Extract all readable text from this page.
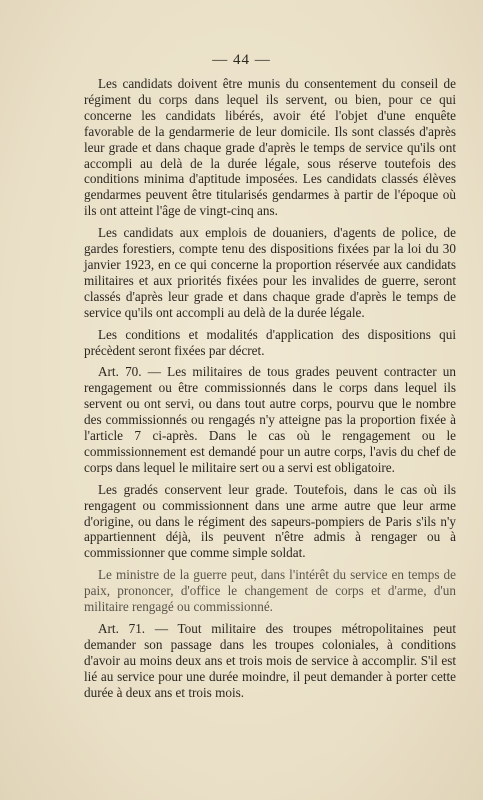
— 44 —

Les candidats doivent être munis du consentement du conseil de régiment du corps dans lequel ils servent, ou bien, pour ce qui concerne les candidats libérés, avoir été l'objet d'une enquête favorable de la gendarmerie de leur domicile. Ils sont classés d'après leur grade et dans chaque grade d'après le temps de service qu'ils ont accompli au delà de la durée légale, sous réserve toutefois des conditions minima d'aptitude imposées. Les candidats classés élèves gendarmes peuvent être titularisés gendarmes à partir de l'époque où ils ont atteint l'âge de vingt-cinq ans.

Les candidats aux emplois de douaniers, d'agents de police, de gardes forestiers, compte tenu des dispositions fixées par la loi du 30 janvier 1923, en ce qui concerne la proportion réservée aux candidats militaires et aux priorités fixées pour les invalides de guerre, seront classés d'après leur grade et dans chaque grade d'après le temps de service qu'ils ont accompli au delà de la durée légale.

Les conditions et modalités d'application des dispositions qui précèdent seront fixées par décret.

Art. 70. — Les militaires de tous grades peuvent contracter un rengagement ou être commissionnés dans le corps dans lequel ils servent ou ont servi, ou dans tout autre corps, pourvu que le nombre des commissionnés ou rengagés n'y atteigne pas la proportion fixée à l'article 7 ci-après. Dans le cas où le rengagement ou le commissionnement est demandé pour un autre corps, l'avis du chef de corps dans lequel le militaire sert ou a servi est obligatoire.

Les gradés conservent leur grade. Toutefois, dans le cas où ils rengagent ou commissionnent dans une arme autre que leur arme d'origine, ou dans le régiment des sapeurs-pompiers de Paris s'ils n'y appartiennent déjà, ils peuvent n'être admis à rengager ou à commissionner que comme simple soldat.

Le ministre de la guerre peut, dans l'intérêt du service en temps de paix, prononcer, d'office le changement de corps et d'arme, d'un militaire rengagé ou commissionné.

Art. 71. — Tout militaire des troupes métropolitaines peut demander son passage dans les troupes coloniales, à conditions d'avoir au moins deux ans et trois mois de service à accomplir. S'il est lié au service pour une durée moindre, il peut demander à porter cette durée à deux ans et trois mois.
